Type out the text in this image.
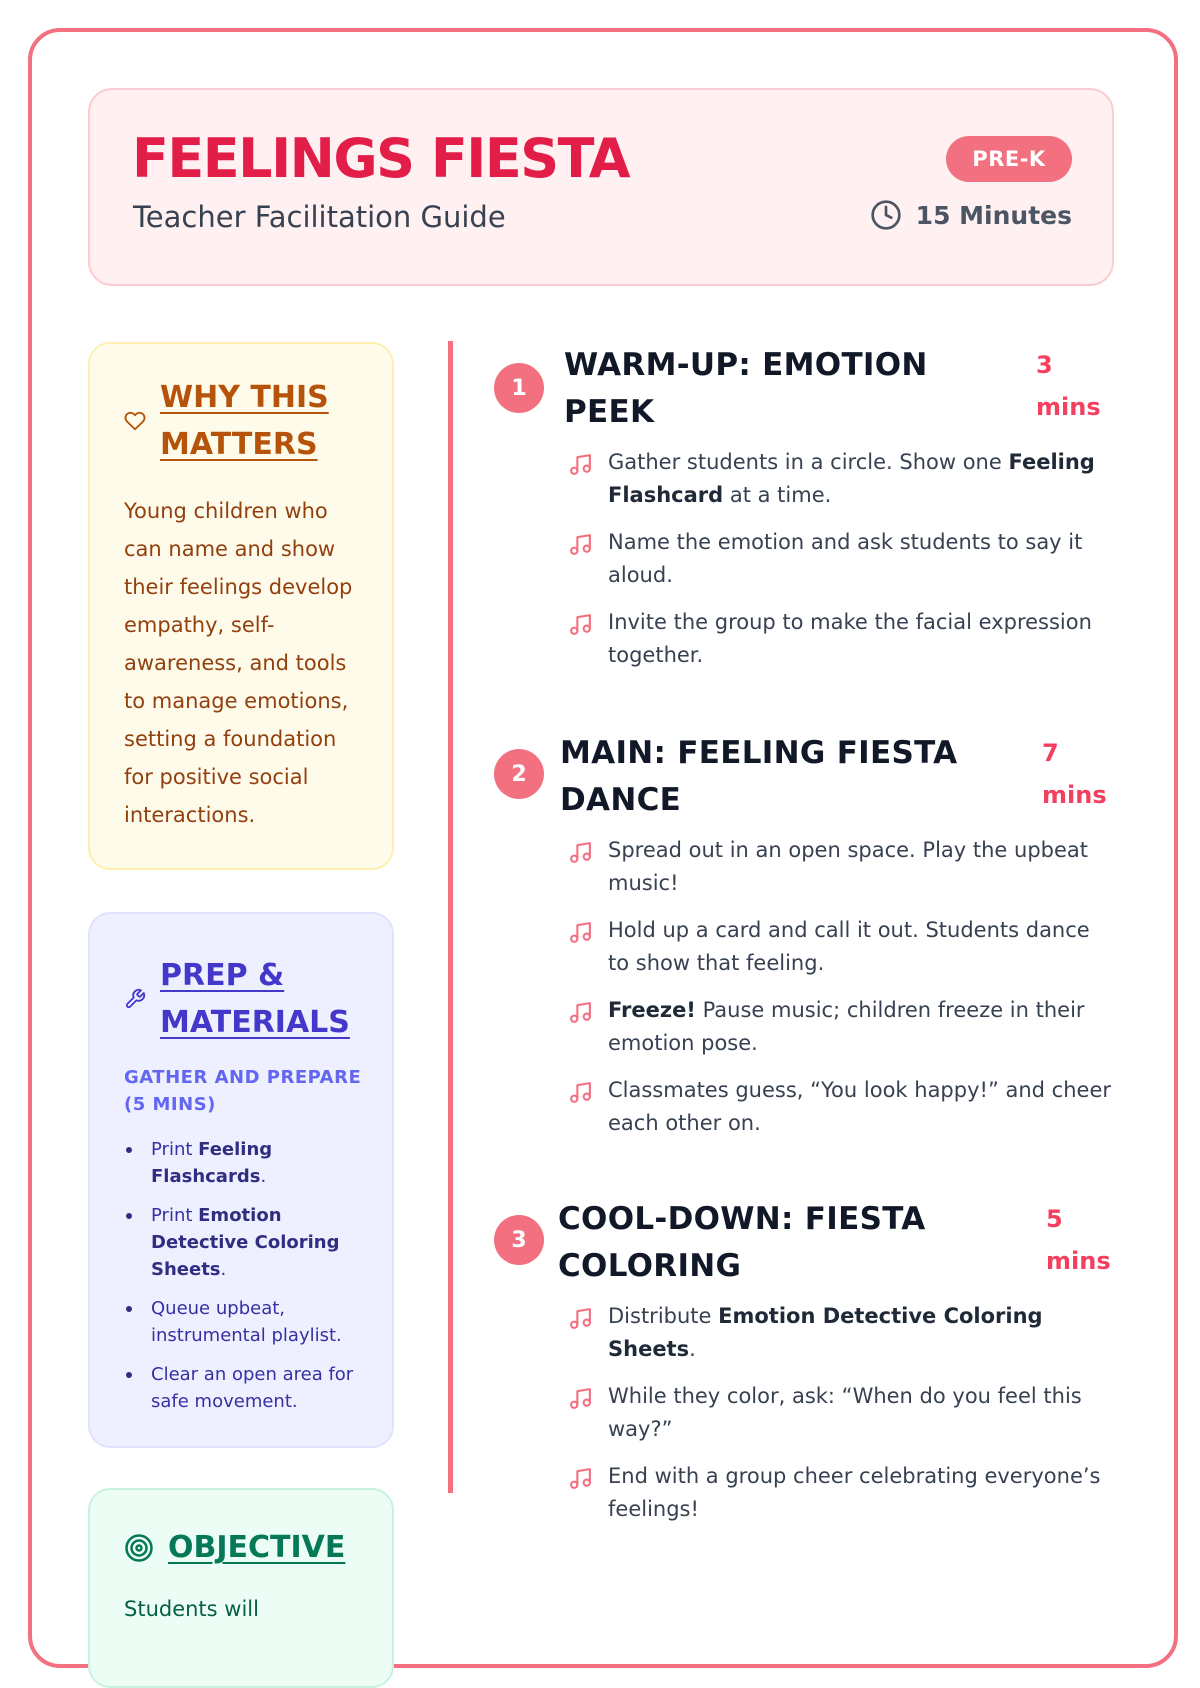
FEELINGS FIESTA
Teacher Facilitation Guide
PRE-K
15 Minutes
WHY THIS MATTERS
Young children who can name and show their feelings develop empathy, self-awareness, and tools to manage emotions, setting a foundation for positive social interactions.
PREP & MATERIALS
GATHER AND PREPARE (5 MINS)
Print Feeling Flashcards.
Print Emotion Detective Coloring Sheets.
Queue upbeat, instrumental playlist.
Clear an open area for safe movement.
OBJECTIVE
Students will
1
WARM-UP: EMOTION PEEK
3 mins
Gather students in a circle. Show one Feeling Flashcard at a time.
Name the emotion and ask students to say it aloud.
Invite the group to make the facial expression together.
2
MAIN: FEELING FIESTA DANCE
7 mins
Spread out in an open space. Play the upbeat music!
Hold up a card and call it out. Students dance to show that feeling.
Freeze! Pause music; children freeze in their emotion pose.
Classmates guess, “You look happy!” and cheer each other on.
3
COOL-DOWN: FIESTA COLORING
5 mins
Distribute Emotion Detective Coloring Sheets.
While they color, ask: “When do you feel this way?”
End with a group cheer celebrating everyone’s feelings!
